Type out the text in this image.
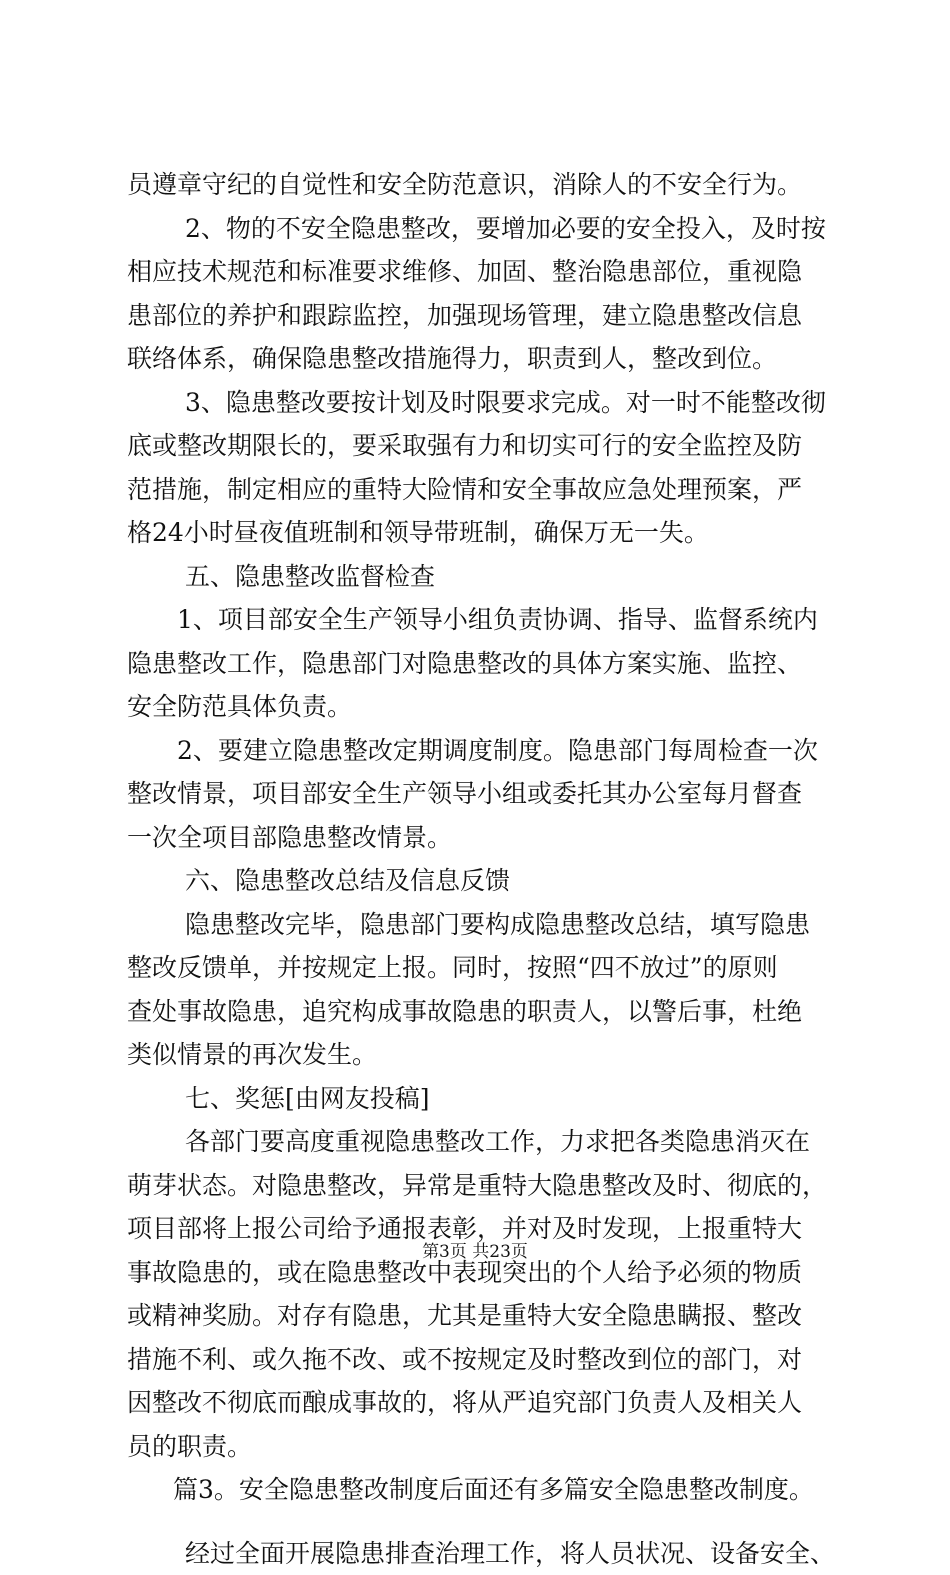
员遵章守纪的自觉性和安全防范意识，消除人的不安全行为。
2、物的不安全隐患整改，要增加必要的安全投入，及时按
相应技术规范和标准要求维修、加固、整治隐患部位，重视隐
患部位的养护和跟踪监控，加强现场管理，建立隐患整改信息
联络体系，确保隐患整改措施得力，职责到人，整改到位。
3、隐患整改要按计划及时限要求完成。对一时不能整改彻
底或整改期限长的，要采取强有力和切实可行的安全监控及防
范措施，制定相应的重特大险情和安全事故应急处理预案，严
格24小时昼夜值班制和领导带班制，确保万无一失。
五、隐患整改监督检查
1、项目部安全生产领导小组负责协调、指导、监督系统内
隐患整改工作，隐患部门对隐患整改的具体方案实施、监控、
安全防范具体负责。
2、要建立隐患整改定期调度制度。隐患部门每周检查一次
整改情景，项目部安全生产领导小组或委托其办公室每月督查
一次全项目部隐患整改情景。
六、隐患整改总结及信息反馈
隐患整改完毕，隐患部门要构成隐患整改总结，填写隐患
整改反馈单，并按规定上报。同时，按照“四不放过”的原则
查处事故隐患，追究构成事故隐患的职责人，以警后事，杜绝
类似情景的再次发生。
七、奖惩[由网友投稿]
各部门要高度重视隐患整改工作，力求把各类隐患消灭在
萌芽状态。对隐患整改，异常是重特大隐患整改及时、彻底的，
项目部将上报公司给予通报表彰，并对及时发现，上报重特大
事故隐患的，或在隐患整改中表现突出的个人给予必须的物质
或精神奖励。对存有隐患，尤其是重特大安全隐患瞒报、整改
措施不利、或久拖不改、或不按规定及时整改到位的部门，对
因整改不彻底而酿成事故的，将从严追究部门负责人及相关人
员的职责。
篇3。安全隐患整改制度后面还有多篇安全隐患整改制度。
经过全面开展隐患排查治理工作，将人员状况、设备安全、
第3页 共23页
